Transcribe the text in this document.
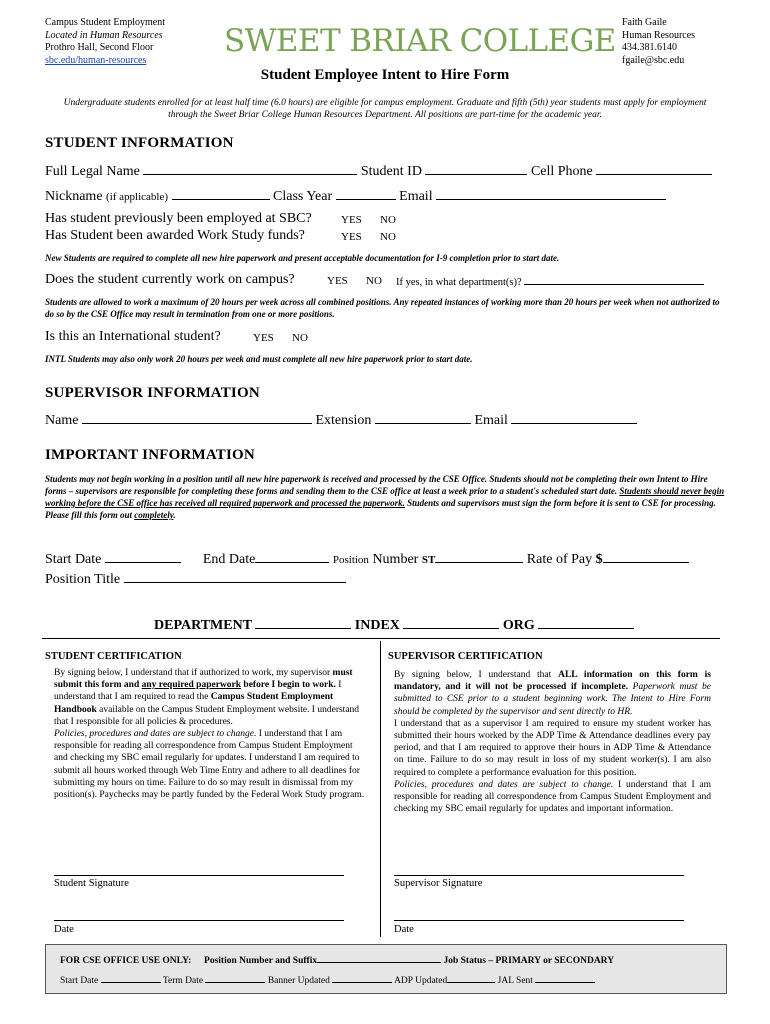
Campus Student Employment
Located in Human Resources
Prothro Hall, Second Floor
sbc.edu/human-resources
SWEET BRIAR COLLEGE
Faith Gaile
Human Resources
434.381.6140
fgaile@sbc.edu
Student Employee Intent to Hire Form
Undergraduate students enrolled for at least half time (6.0 hours) are eligible for campus employment. Graduate and fifth (5th) year students must apply for employment through the Sweet Briar College Human Resources Department. All positions are part-time for the academic year.
STUDENT INFORMATION
Full Legal Name	Student ID	Cell Phone
Nickname (if applicable)	Class Year	Email
Has student previously been employed at SBC?	YES NO
Has Student been awarded Work Study funds?	YES NO
New Students are required to complete all new hire paperwork and present acceptable documentation for I-9 completion prior to start date.
Does the student currently work on campus?	YES NO If yes, in what department(s)?
Students are allowed to work a maximum of 20 hours per week across all combined positions. Any repeated instances of working more than 20 hours per week when not authorized to do so by the CSE Office may result in termination from one or more positions.
Is this an International student?	YES NO
INTL Students may also only work 20 hours per week and must complete all new hire paperwork prior to start date.
SUPERVISOR INFORMATION
Name	Extension	Email
IMPORTANT INFORMATION
Students may not begin working in a position until all new hire paperwork is received and processed by the CSE Office. Students should not be completing their own Intent to Hire forms – supervisors are responsible for completing these forms and sending them to the CSE office at least a week prior to a student's scheduled start date. Students should never begin working before the CSE office has received all required paperwork and processed the paperwork. Students and supervisors must sign the form before it is sent to CSE for processing. Please fill this form out completely.
Start Date	End Date	Position Number ST	Rate of Pay $
Position Title
DEPARTMENT	INDEX	ORG
STUDENT CERTIFICATION
By signing below, I understand that if authorized to work, my supervisor must submit this form and any required paperwork before I begin to work. I understand that I am required to read the Campus Student Employment Handbook available on the Campus Student Employment website. I understand that I responsible for all policies & procedures.
Policies, procedures and dates are subject to change. I understand that I am responsible for reading all correspondence from Campus Student Employment and checking my SBC email regularly for updates. I understand I am required to submit all hours worked through Web Time Entry and adhere to all deadlines for submitting my hours on time. Failure to do so may result in dismissal from my position(s). Paychecks may be partly funded by the Federal Work Study program.
Student Signature
Date
SUPERVISOR CERTIFICATION
By signing below, I understand that ALL information on this form is mandatory, and it will not be processed if incomplete. Paperwork must be submitted to CSE prior to a student beginning work. The Intent to Hire Form should be completed by the supervisor and sent directly to HR.
I understand that as a supervisor I am required to ensure my student worker has submitted their hours worked by the ADP Time & Attendance deadlines every pay period, and that I am required to approve their hours in ADP Time & Attendance on time. Failure to do so may result in loss of my student worker(s). I am also required to complete a performance evaluation for this position.
Policies, procedures and dates are subject to change. I understand that I am responsible for reading all correspondence from Campus Student Employment and checking my SBC email regularly for updates and important information.
Supervisor Signature
Date
FOR CSE OFFICE USE ONLY: Position Number and Suffix	Job Status – PRIMARY or SECONDARY
Start Date	Term Date	Banner Updated	ADP Updated	JAL Sent
